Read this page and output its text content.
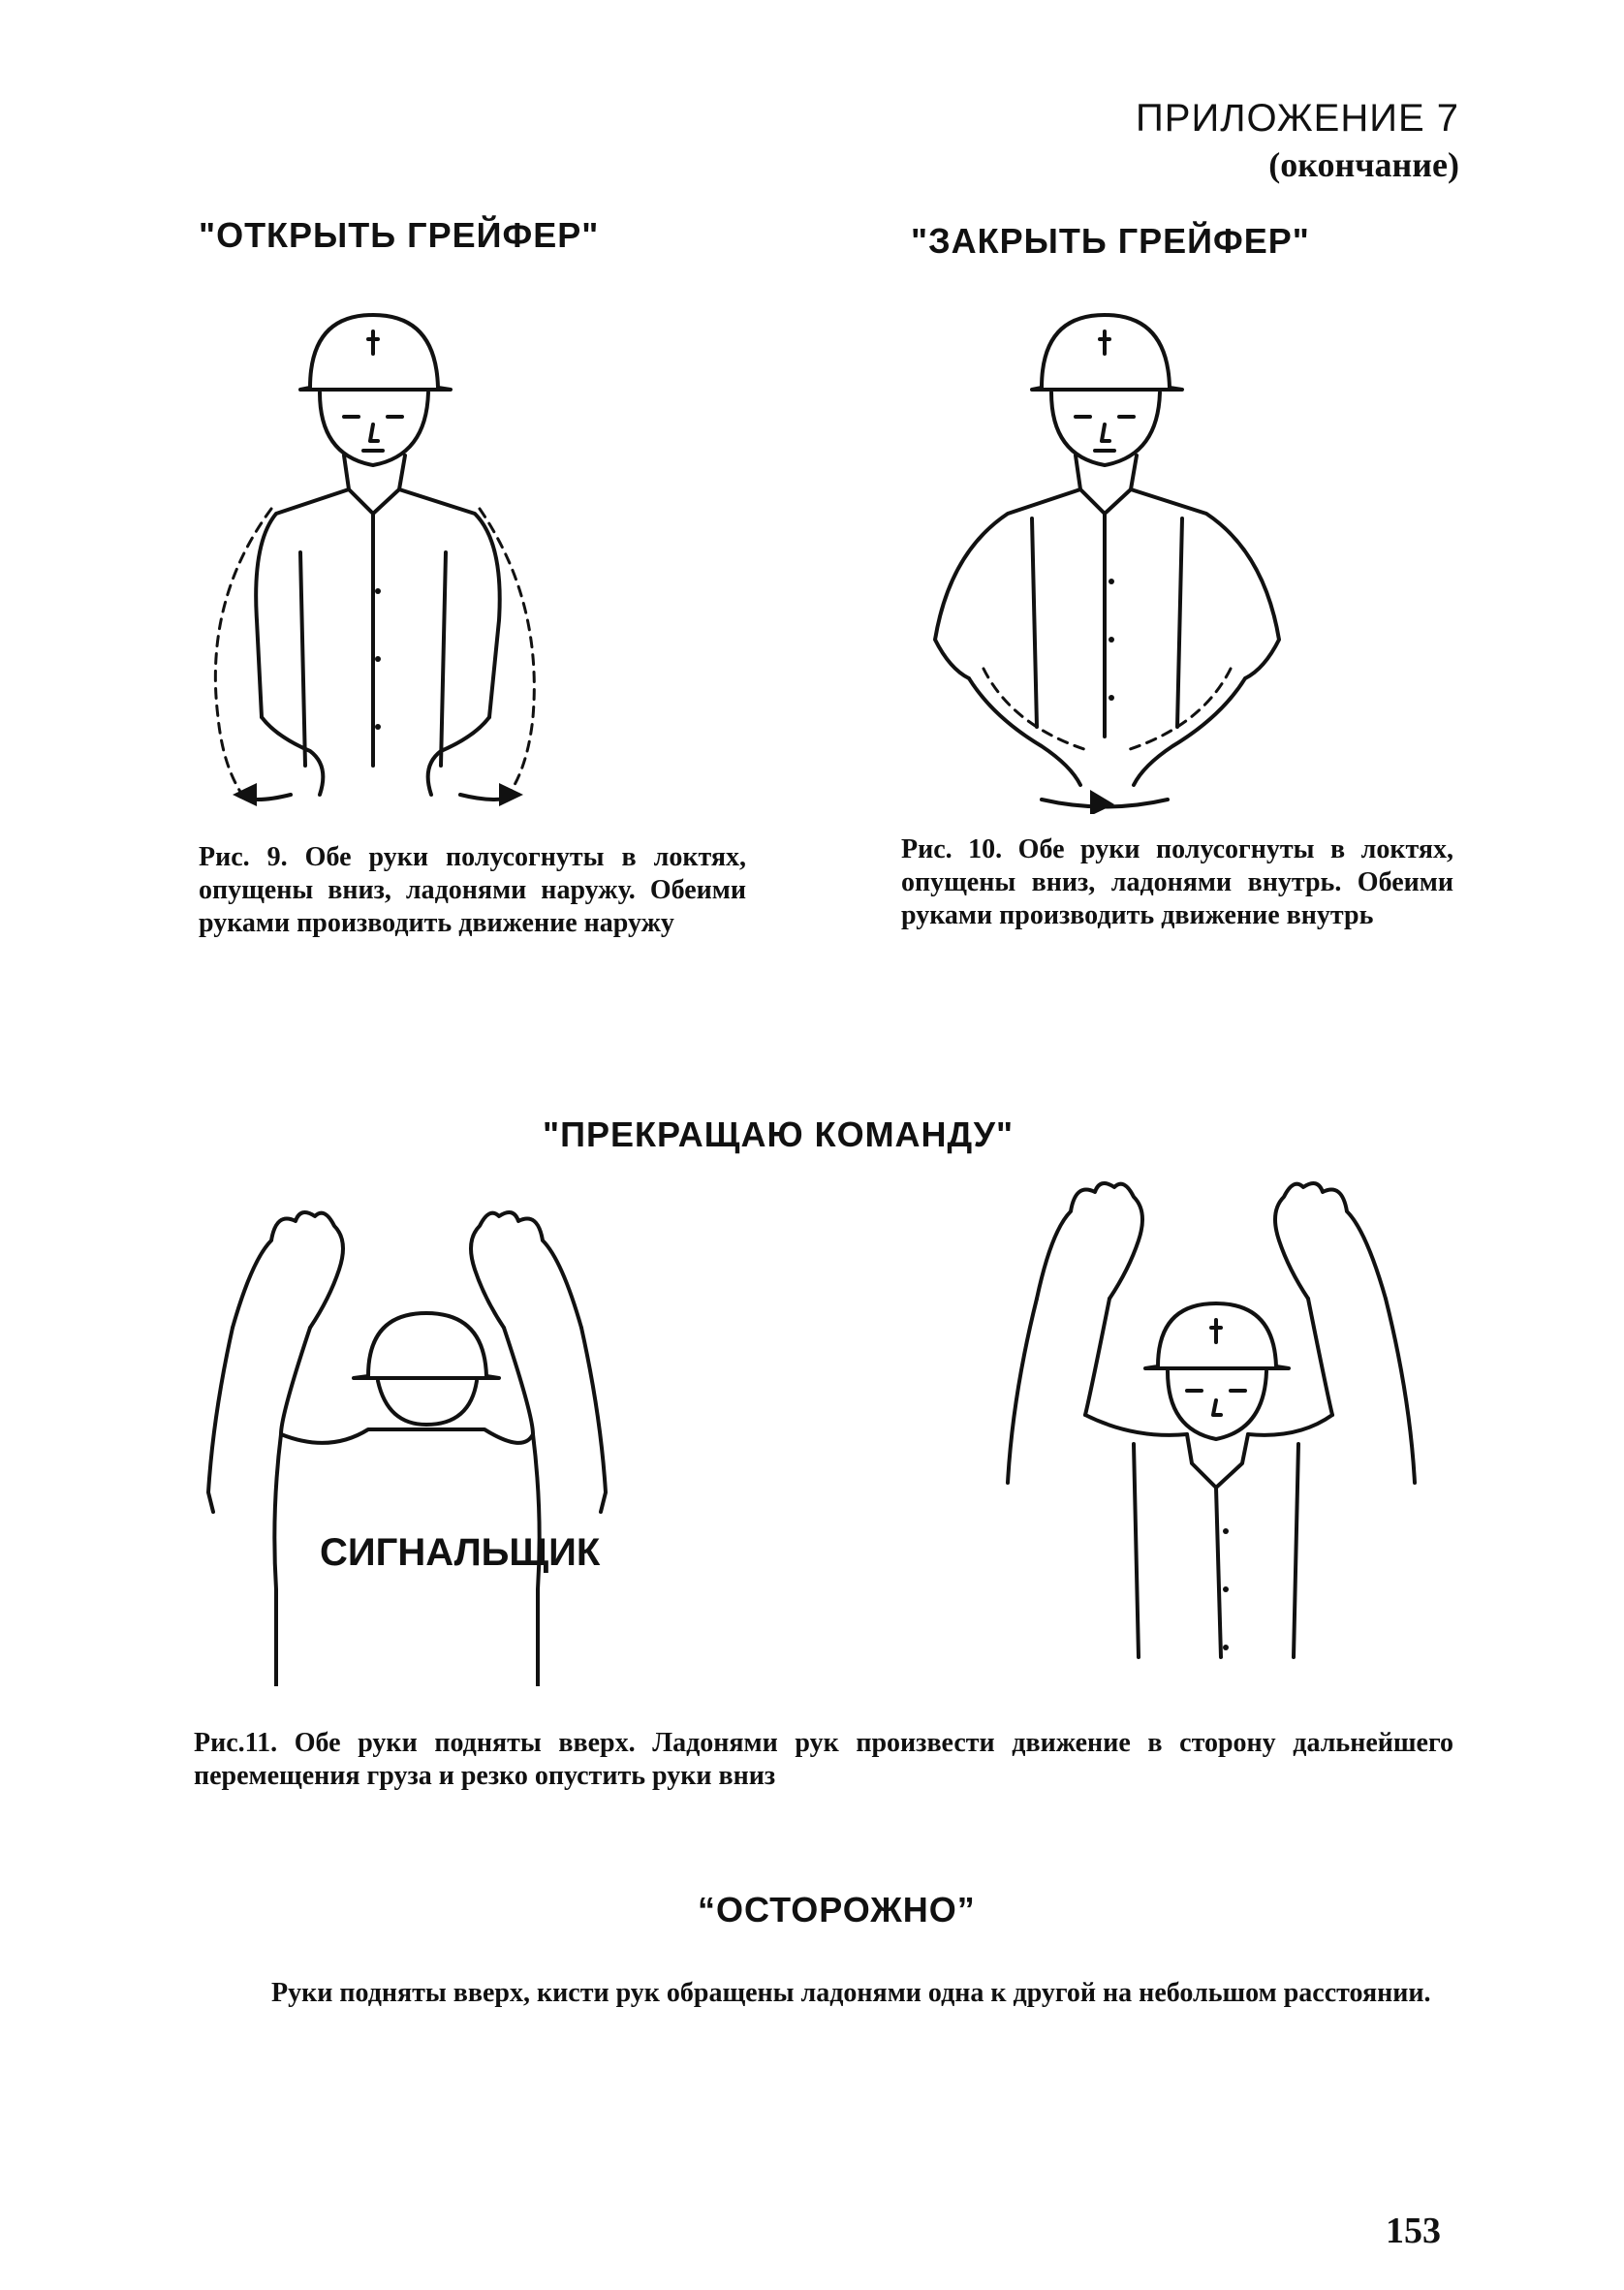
ПРИЛОЖЕНИЕ 7
(окончание)
"ОТКРЫТЬ ГРЕЙФЕР"	"ЗАКРЫТЬ ГРЕЙФЕР"
Рис. 9. Обе руки полусогнуты в локтях, опущены вниз, ладонями наружу. Обеими руками производить движение наружу
Рис. 10. Обе руки полусогнуты в локтях, опущены вниз, ладонями внутрь. Обеими руками производить движение внутрь
"ПРЕКРАЩАЮ КОМАНДУ"
СИГНАЛЬЩИК
Рис.11. Обе руки подняты вверх. Ладонями рук произвести движение в сторону дальнейшего перемещения груза и резко опустить руки вниз
“ОСТОРОЖНО”
Руки подняты вверх, кисти рук обращены ладонями одна к другой на небольшом расстоянии.
153
